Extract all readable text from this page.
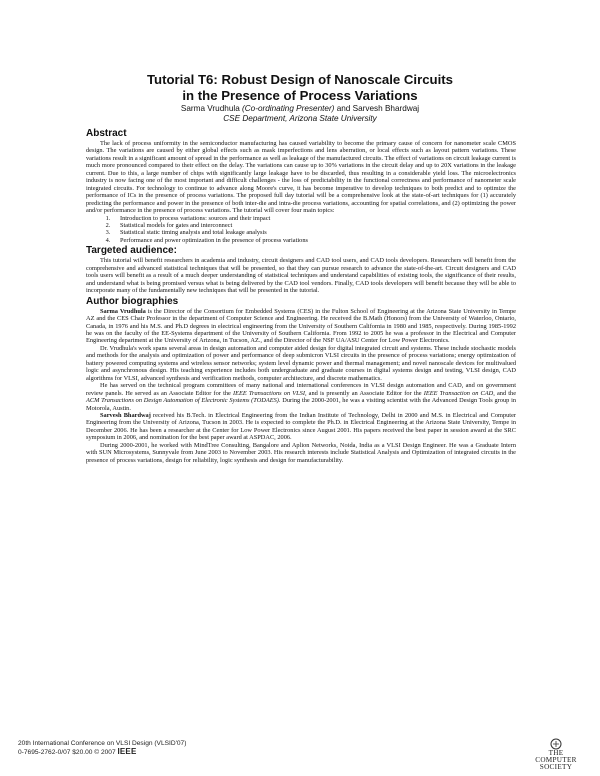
Tutorial T6: Robust Design of Nanoscale Circuits
in the Presence of Process Variations
Sarma Vrudhula (Co-ordinating Presenter) and Sarvesh Bhardwaj
CSE Department, Arizona State University
Abstract

The lack of process uniformity in the semiconductor manufacturing has caused variability to become the primary cause of concern for nanometer scale CMOS design. The variations are caused by either global effects such as mask imperfections and lens aberration, or local effects such as layout pattern variations. These variations result in a significant amount of spread in the performance as well as leakage of the manufactured circuits. The effect of variations on circuit leakage current is much more pronounced compared to their effect on the delay. The variations can cause up to 30% variations in the circuit delay and up to 20X variations in the leakage current. Due to this, a large number of chips with significantly large leakage have to be discarded, thus resulting in a considerable yield loss. The microelectronics industry is now facing one of the most important and difficult challenges - the loss of predictability in the functional correctness and performance of nanometer scale integrated circuits. For technology to continue to advance along Moore's curve, it has become imperative to develop techniques to both predict and to optimize the performance of ICs in the presence of process variations. The proposed full day tutorial will be a comprehensive look at the state-of-art techniques for (1) accurately predicting the performance and power in the presence of both inter-die and intra-die process variations, accounting for spatial correlations, and (2) optimizing the power and/or performance in the presence of process variations. The tutorial will cover four main topics:

1. Introduction to process variations: sources and their impact
2. Statistical models for gates and interconnect
3. Statistical static timing analysis and total leakage analysis
4. Performance and power optimization in the presence of process variations
Targeted audience:

This tutorial will benefit researchers in academia and industry, circuit designers and CAD tool users, and CAD tools developers. Researchers will benefit from the comprehensive and advanced statistical techniques that will be presented, so that they can pursue research to advance the state-of-the-art. Circuit designers and CAD tools users will benefit as a result of a much deeper understanding of statistical techniques and understand capabilities of existing tools, the significance of their results, and understand what is being promised versus what is being delivered by the CAD tool vendors. Finally, CAD tools developers will benefit because they will be able to incorporate many of the fundamentally new techniques that will be presented in the tutorial.

Author biographies

Sarma Vrudhula is the Director of the Consortium for Embedded Systems (CES) in the Fulton School of Engineering at the Arizona State University in Tempe AZ and the CES Chair Professor in the department of Computer Science and Engineering. He received the B.Math (Honors) from the University of Waterloo, Ontario, Canada, in 1976 and his M.S. and Ph.D degrees in electrical engineering from the University of Southern California in 1980 and 1985, respectively. During 1985-1992 he was on the faculty of the EE-Systems department of the University of Southern California. From 1992 to 2005 he was a professor in the Electrical and Computer Engineering department at the University of Arizona, in Tucson, AZ., and the Director of the NSF UA/ASU Center for Low Power Electronics.

Dr. Vrudhula's work spans several areas in design automation and computer aided design for digital integrated circuit and systems. These include stochastic models and methods for the analysis and optimization of power and performance of deep submicron VLSI circuits in the presence of process variations; energy optimization of battery powered computing systems and wireless sensor networks; system level dynamic power and thermal management; and novel nanoscale devices for multivalued logic and asynchronous design. His teaching experience includes both undergraduate and graduate courses in digital systems design and testing, VLSI design, CAD algorithms for VLSI, advanced synthesis and verification methods, computer architecture, and discrete mathematics.

He has served on the technical program committees of many national and international conferences in VLSI design automation and CAD, and on government review panels. He served as an Associate Editor for the IEEE Transactions on VLSI, and is presently an Associate Editor for the IEEE Transaction on CAD, and the ACM Transactions on Design Automation of Electronic Systems (TODAES). During the 2000-2001, he was a visiting scientist with the Advanced Design Tools group in Motorola, Austin.

Sarvesh Bhardwaj received his B.Tech. in Electrical Engineering from the Indian Institute of Technology, Delhi in 2000 and M.S. in Electrical and Computer Engineering from the University of Arizona, Tucson in 2003. He is expected to complete the Ph.D. in Electrical Engineering at the Arizona State University, Tempe in December 2006. He has been a researcher at the Center for Low Power Electronics since August 2001. His papers received the best paper in session award at the SRC symposium in 2006, and nomination for the best paper award at ASPDAC, 2006.

During 2000-2001, he worked with MindTree Consulting, Bangalore and Aplion Networks, Noida, India as a VLSI Design Engineer. He was a Graduate Intern with SUN Microsystems, Sunnyvale from June 2003 to November 2003. His research interests include Statistical Analysis and Optimization of integrated circuits in the presence of process variations, design for reliability, logic synthesis and design for manufacturability.

20th International Conference on VLSI Design (VLSID'07)
0-7695-2762-0/07 $20.00 © 2007 IEEE	THE
COMPUTER
SOCIETY
